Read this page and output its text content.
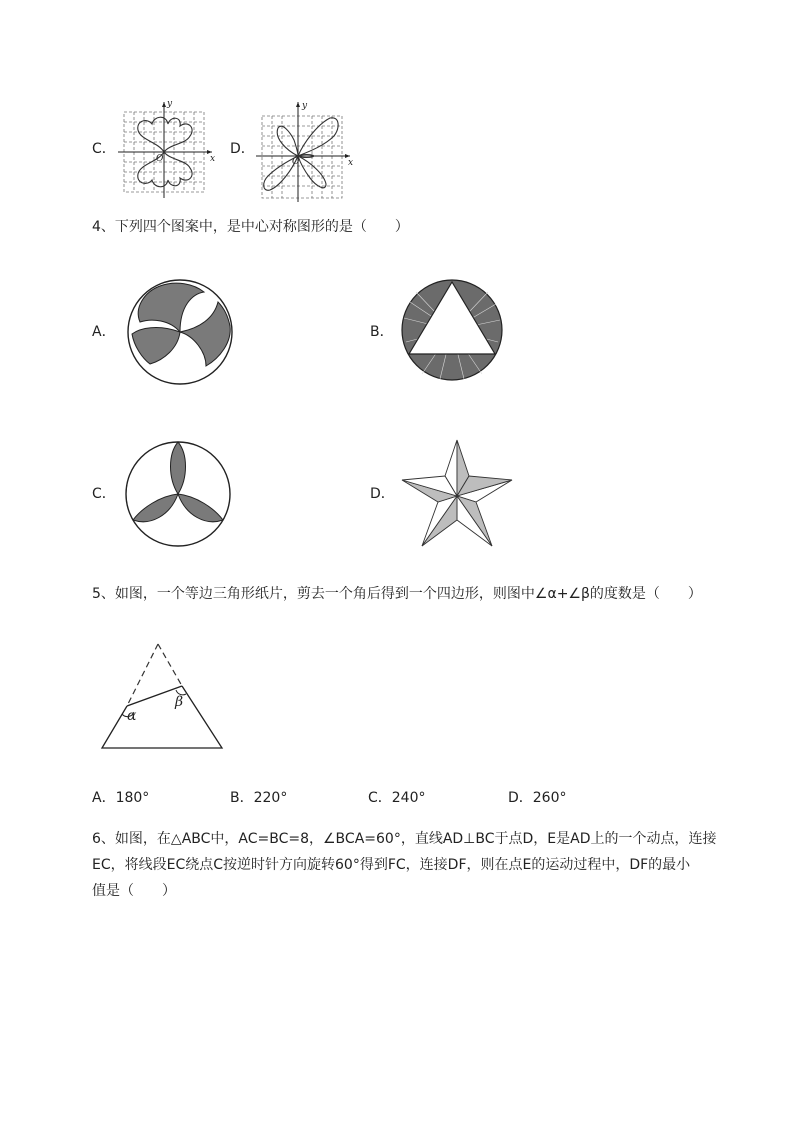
C．
y
x
O
D．
y
x
O
4、下列四个图案中，是中心对称图形的是（　　）
A．	B．
C．	D．
5、如图，一个等边三角形纸片，剪去一个角后得到一个四边形，则图中∠α+∠β的度数是（　　）
α
β
A．180°	B．220°	C．240°	D．260°
6、如图，在△ABC中，AC=BC=8，∠BCA=60°，直线AD⊥BC于点D，E是AD上的一个动点，连接
EC，将线段EC绕点C按逆时针方向旋转60°得到FC，连接DF，则在点E的运动过程中，DF的最小
值是（　　）
